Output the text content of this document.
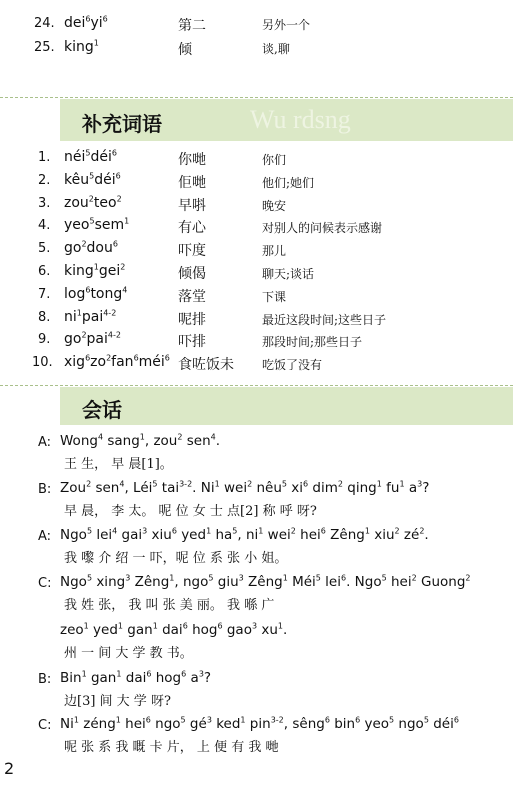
24. $dei^6yi^6$	第二	另外一个
25. king$^1$	倾	谈,聊
Wu rdsng
补充词语
1. néi$^5$déi$^6$	你哋	你们
2. kêu$^5$déi$^6$	佢哋	他们;她们
3. zou$^2$teo$^2$	早唞	晚安
4. yeo$^5$sem$^1$	有心	对别人的问候表示感谢
5. $go^2dou^6$	吓度	那儿
6. king$^1$gei$^2$	倾偈	聊天;谈话
7. $\log^6tong^4$	落堂	下课
8. $ni^1pai^{4-2}$	呢排	最近这段时间;这些日子
9. $go^2pai^{4-2}$	吓排	那段时间;那些日子
10. $xig^6zo^2fan^6méi^6$ 食咗饭未 吃饭了没有
会话
A: Wong$^4$ sang$^1$, zou$^2$ sen$^4$.
王 生， 早 晨[1]。
B: Zou$^2$ sen$^4$, Léi$^5$ tai$^{3-2}$. Ni$^1$ wei$^2$ nêu$^5$ $xi^6$ dim$^2$ qing$^1$ $fu^1$ $a^3$?
早 晨， 李 太。 呢 位 女 士 点[2] 称 呼 呀?
A: Ngo$^5$ lei$^4$ gai$^3$ xiu$^6$ yed$^1$ $ha^5$, $ni^1$ wei$^2$ hei$^6$ Zêng$^1$ xiu$^2$ $zé^2$.
我 嚟 介 绍 一 吓，呢 位 系 张 小 姐。
C: Ngo$^5$ xing$^3$ Zêng$^1$, ngo$^5$ giu$^3$ Zêng$^1$ Méi$^5$ lei$^6$. Ngo$^5$ hei$^2$ Guong$^2$
我 姓 张， 我 叫 张 美 丽。 我 喺 广
zeo$^1$ yed$^1$ gan$^1$ dai$^6$ hog$^6$ gao$^3$ $xu^1$.
州 一 间 大 学 教 书。
B: Bin$^1$ gan$^1$ dai$^6$ hog$^6$ $a^3$?
边[3] 间 大 学 呀?
C: Ni$^1$ zéng$^1$ hei$^6$ ngo$^5$ $gé^3$ ked$^1$ pin$^{3-2}$, sêng$^6$ bin$^6$ yeo$^5$ ngo$^5$ déi$^6$
呢 张 系 我 嘅 卡 片， 上 便 有 我 哋
2
